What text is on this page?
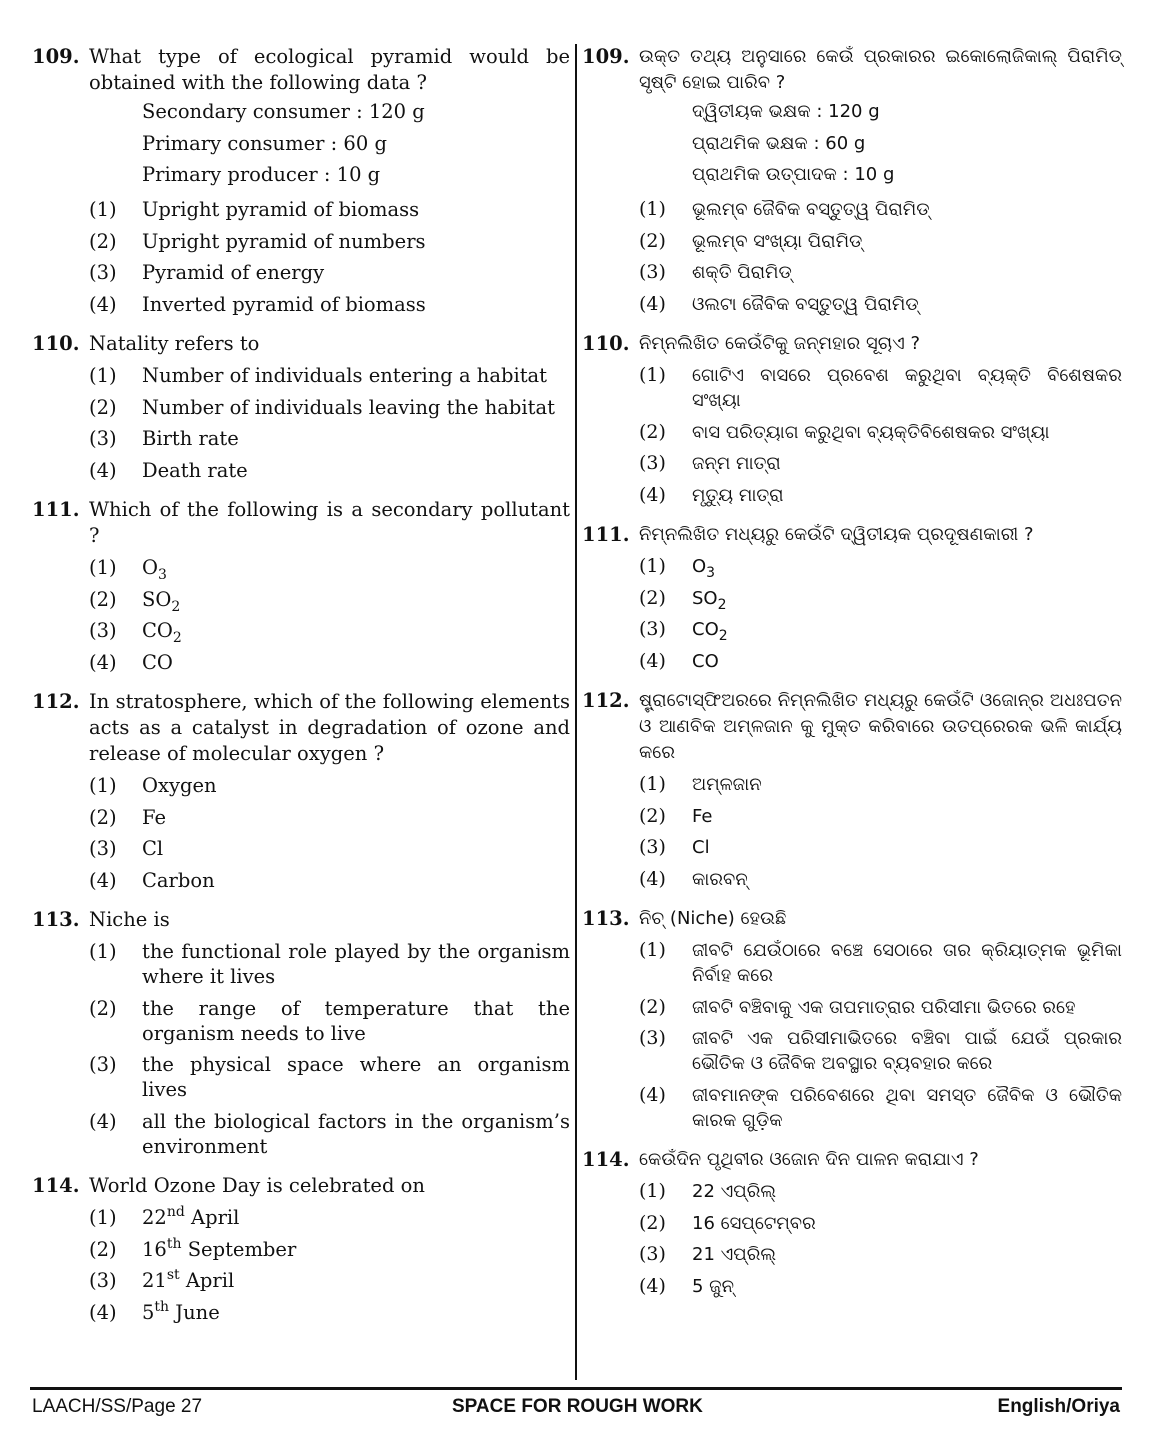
109. What type of ecological pyramid would be obtained with the following data ?
Secondary consumer : 120 g
Primary consumer : 60 g
Primary producer : 10 g
(1)	Upright pyramid of biomass
(2)	Upright pyramid of numbers
(3)	Pyramid of energy
(4)	Inverted pyramid of biomass
110. Natality refers to
(1)	Number of individuals entering a habitat
(2)	Number of individuals leaving the habitat
(3)	Birth rate
(4)	Death rate
111. Which of the following is a secondary pollutant ?
(1)	$O_3$
(2)	$SO_2$
(3)	$CO_2$
(4)	CO
112. In stratosphere, which of the following elements acts as a catalyst in degradation of ozone and release of molecular oxygen ?
(1)	Oxygen
(2)	Fe
(3)	Cl
(4)	Carbon
113. Niche is
(1)	the functional role played by the organism where it lives
(2)	the range of temperature that the organism needs to live
(3)	the physical space where an organism lives
(4)	all the biological factors in the organism’s environment
114. World Ozone Day is celebrated on
(1)	22nd April
(2)	16th September
(3)	21st April
(4)	5th June
109. ଉକ୍ତ ତଥ୍ୟ ଅନୁସାରେ କେଉଁ ପ୍ରକାରର ଇକୋଲୋଜିକାଲ୍ ପିରାମିଡ୍ ସୃଷ୍ଟି ହୋଇ ପାରିବ ?
ଦ୍ୱିତୀୟକ ଭକ୍ଷକ : 120 g
ପ୍ରାଥମିକ ଭକ୍ଷକ : 60 g
ପ୍ରାଥମିକ ଉତ୍ପାଦକ : 10 g
(1)	ଭୂଲମ୍ବ ଜୈବିକ ବସ୍ତୁତ୍ୱ ପିରାମିଡ୍
(2)	ଭୂଲମ୍ବ ସଂଖ୍ୟା ପିରାମିଡ୍
(3)	ଶକ୍ତି ପିରାମିଡ୍
(4)	ଓଲଟା ଜୈବିକ ବସ୍ତୁତ୍ୱ ପିରାମିଡ୍
110. ନିମ୍ନଲିଖିତ କେଉଁଟିକୁ ଜନ୍ମହାର ସୂଚାଏ ?
(1)	ଗୋଟିଏ ବାସରେ ପ୍ରବେଶ କରୁଥିବା ବ୍ୟକ୍ତି ବିଶେଷକର ସଂଖ୍ୟା
(2)	ବାସ ପରିତ୍ୟାଗ କରୁଥିବା ବ୍ୟକ୍ତିବିଶେଷକର ସଂଖ୍ୟା
(3)	ଜନ୍ମ ମାତ୍ରା
(4)	ମୃତ୍ୟୁ ମାତ୍ରା
111. ନିମ୍ନଲିଖିତ ମଧ୍ୟରୁ କେଉଁଟି ଦ୍ୱିତୀୟକ ପ୍ରଦୂଷଣକାରୀ ?
(1)	$O_3$
(2)	$SO_2$
(3)	$CO_2$
(4)	CO
112. ଷ୍ଟ୍ରାଟୋସ୍ଫିଅରରେ ନିମ୍ନଲିଖିତ ମଧ୍ୟରୁ କେଉଁଟି ଓଜୋନ୍‌ର ଅଧଃପତନ ଓ ଆଣବିକ ଅମ୍ଳଜାନ କୁ ମୁକ୍ତ କରିବାରେ ଉତପ୍ରେରକ ଭଳି କାର୍ଯ୍ୟ କରେ
(1)	ଅମ୍ଳଜାନ
(2)	Fe
(3)	Cl
(4)	କାରବନ୍
113. ନିଚ୍ (Niche) ହେଉଛି
(1)	ଜୀବଟି ଯେଉଁଠାରେ ବଞ୍ଚେ ସେଠାରେ ତାର କ୍ରିୟାତ୍ମକ ଭୂମିକା ନିର୍ବାହ କରେ
(2)	ଜୀବଟି ବଞ୍ଚିବାକୁ ଏକ ତାପମାତ୍ରାର ପରିସୀମା ଭିତରେ ରହେ
(3)	ଜୀବଟି ଏକ ପରିସୀମାଭିତରେ ବଞ୍ଚିବା ପାଇଁ ଯେଉଁ ପ୍ରକାର ଭୌତିକ ଓ ଜୈବିକ ଅବସ୍ଥାର ବ୍ୟବହାର କରେ
(4)	ଜୀବମାନଙ୍କ ପରିବେଶରେ ଥିବା ସମସ୍ତ ଜୈବିକ ଓ ଭୌତିକ କାରକ ଗୁଡ଼ିକ
114. କେଉଁଦିନ ପୃଥିବୀର ଓଜୋନ ଦିନ ପାଳନ କରାଯାଏ ?
(1)	22 ଏପ୍ରିଲ୍
(2)	16 ସେପ୍ଟେମ୍ବର
(3)	21 ଏପ୍ରିଲ୍
(4)	5 ଜୁନ୍
LAACH/SS/Page 27	SPACE FOR ROUGH WORK	English/Oriya
